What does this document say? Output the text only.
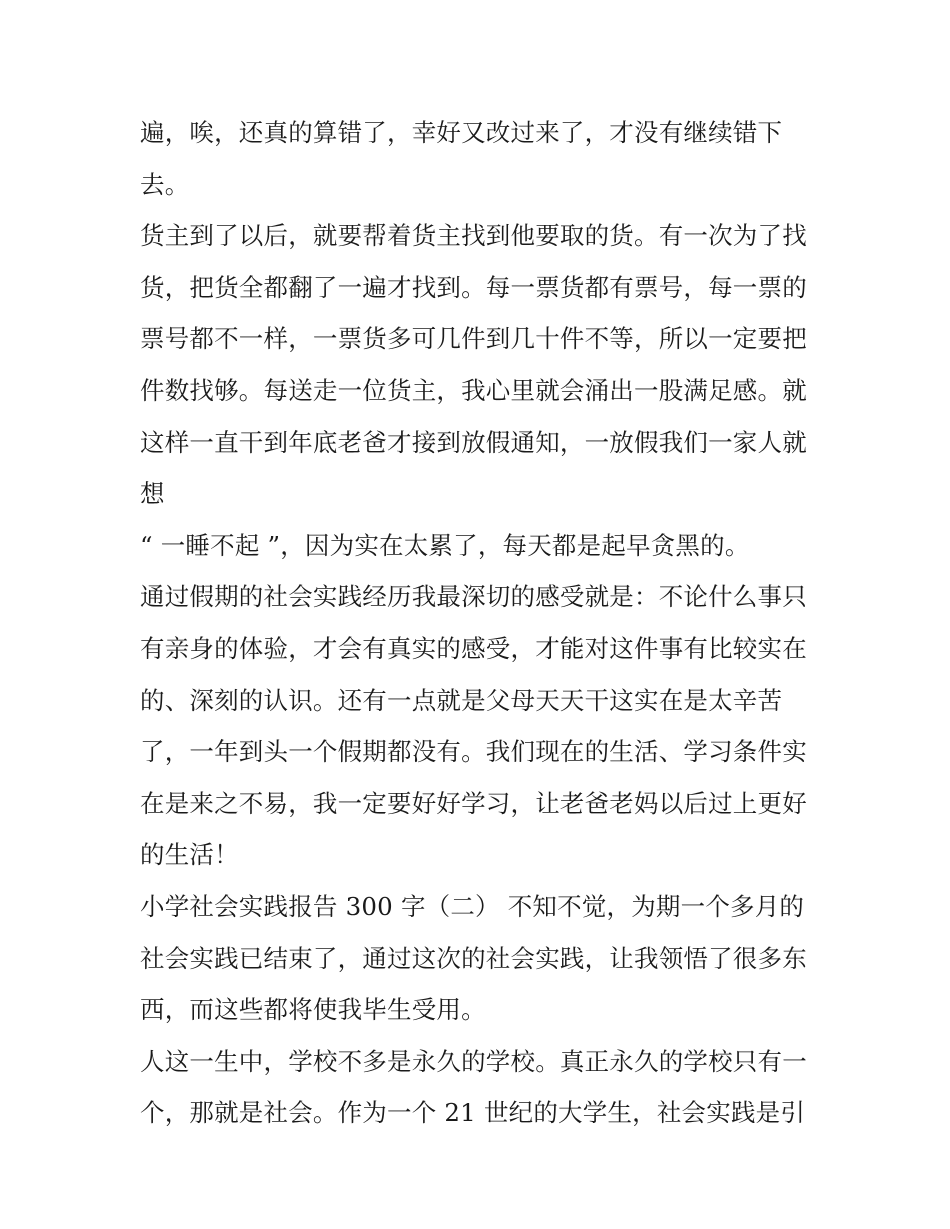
遍，唉，还真的算错了，幸好又改过来了，才没有继续错下
去。
货主到了以后，就要帮着货主找到他要取的货。有一次为了找
货，把货全都翻了一遍才找到。每一票货都有票号，每一票的
票号都不一样，一票货多可几件到几十件不等，所以一定要把
件数找够。每送走一位货主，我心里就会涌出一股满足感。就
这样一直干到年底老爸才接到放假通知，一放假我们一家人就
想
“ 一睡不起 ”，因为实在太累了，每天都是起早贪黑的。
通过假期的社会实践经历我最深切的感受就是：不论什么事只
有亲身的体验，才会有真实的感受，才能对这件事有比较实在
的、深刻的认识。还有一点就是父母天天干这实在是太辛苦
了，一年到头一个假期都没有。我们现在的生活、学习条件实
在是来之不易，我一定要好好学习，让老爸老妈以后过上更好
的生活！
小学社会实践报告 300 字（二） 不知不觉，为期一个多月的
社会实践已结束了，通过这次的社会实践，让我领悟了很多东
西，而这些都将使我毕生受用。
人这一生中，学校不多是永久的学校。真正永久的学校只有一
个，那就是社会。作为一个 21 世纪的大学生，社会实践是引
